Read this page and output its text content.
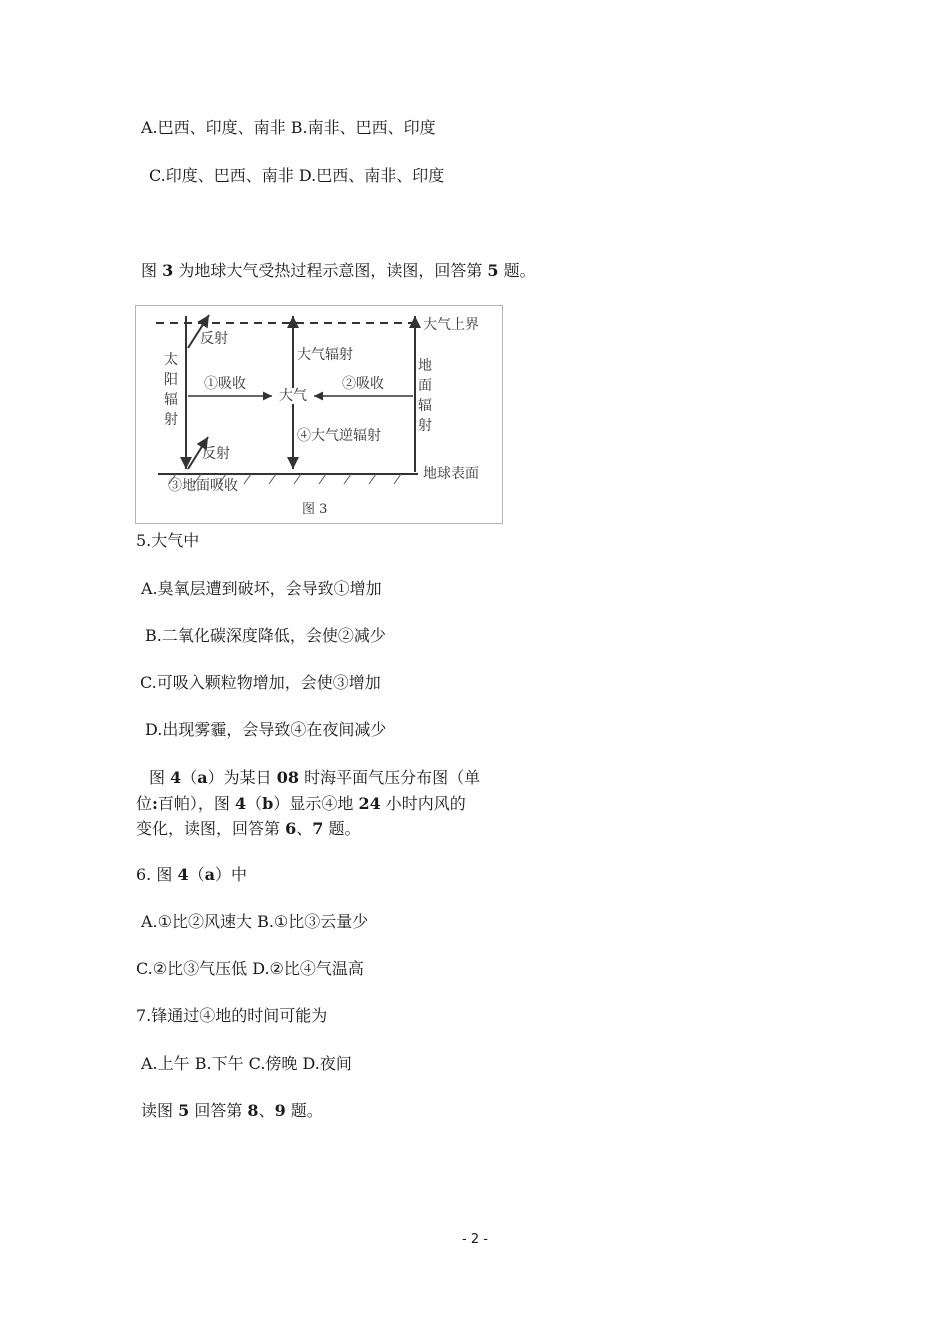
A.巴西、印度、南非 B.南非、巴西、印度
C.印度、巴西、南非 D.巴西、南非、印度
图 3 为地球大气受热过程示意图，读图，回答第 5 题。
大气上界
太
阳
辐
射
地
面
辐
射
反射
反射
①吸收	②吸收
大气
大气辐射
④大气逆辐射
③地面吸收
地球表面
图 3
5.大气中
A.臭氧层遭到破坏，会导致①增加
B.二氧化碳深度降低，会使②减少
C.可吸入颗粒物增加，会使③增加
D.出现雾霾，会导致④在夜间减少
图 4（a）为某日 08 时海平面气压分布图（单
位:百帕），图 4（b）显示④地 24 小时内风的
变化，读图，回答第 6、7 题。
6. 图 4（a）中
A.①比②风速大 B.①比③云量少
C.②比③气压低 D.②比④气温高
7.锋通过④地的时间可能为
A.上午 B.下午 C.傍晚 D.夜间
读图 5 回答第 8、9 题。
- 2 -
